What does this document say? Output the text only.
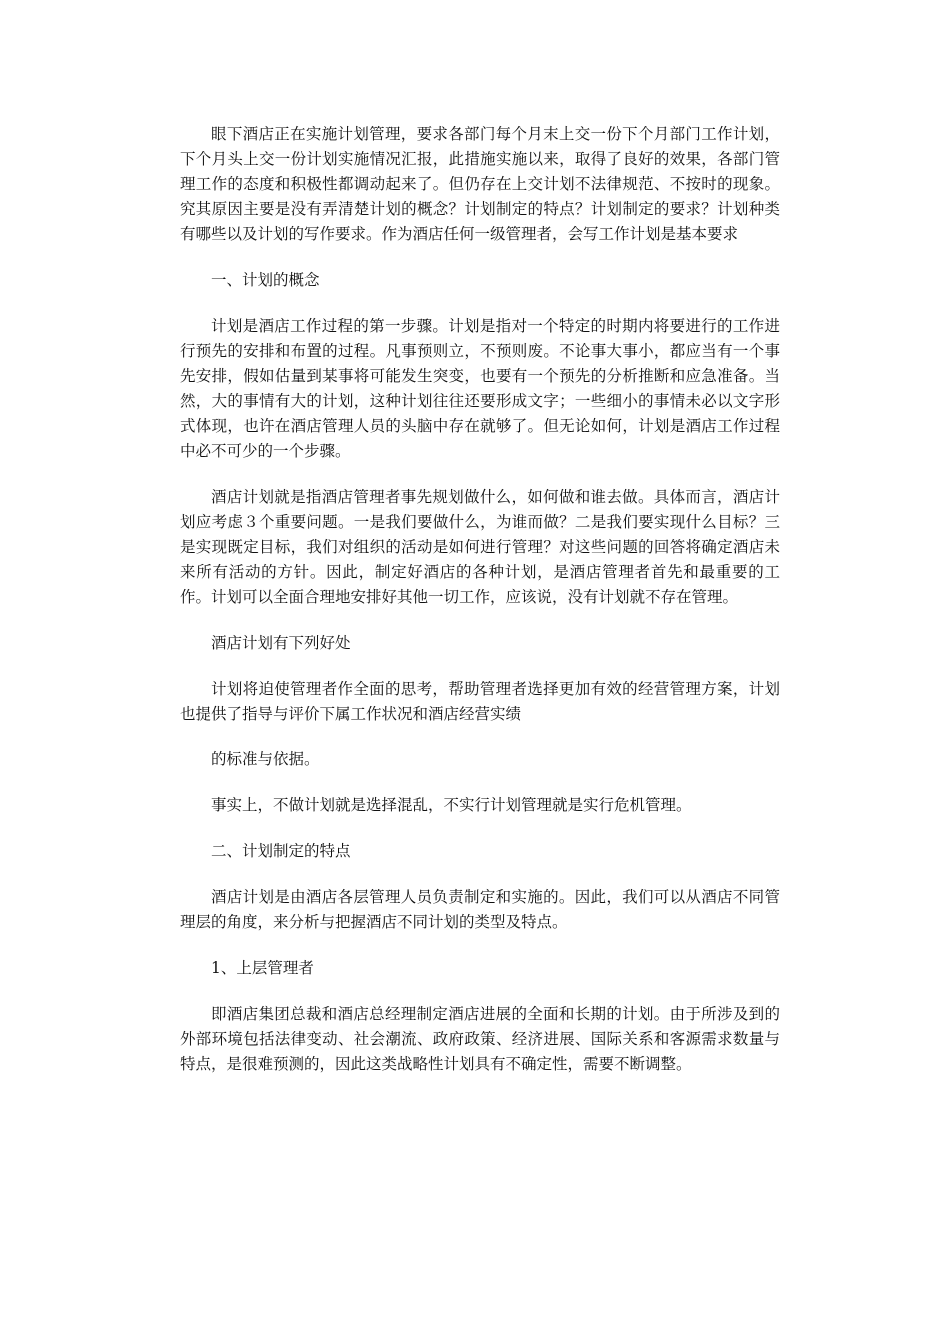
眼下酒店正在实施计划管理，要求各部门每个月末上交一份下个月部门工作计划，下个月头上交一份计划实施情况汇报，此措施实施以来，取得了良好的效果，各部门管理工作的态度和积极性都调动起来了。但仍存在上交计划不法律规范、不按时的现象。究其原因主要是没有弄清楚计划的概念？计划制定的特点？计划制定的要求？计划种类有哪些以及计划的写作要求。作为酒店任何一级管理者，会写工作计划是基本要求

一、计划的概念

计划是酒店工作过程的第一步骤。计划是指对一个特定的时期内将要进行的工作进行预先的安排和布置的过程。凡事预则立，不预则废。不论事大事小，都应当有一个事先安排，假如估量到某事将可能发生突变，也要有一个预先的分析推断和应急准备。当然，大的事情有大的计划，这种计划往往还要形成文字；一些细小的事情未必以文字形式体现，也许在酒店管理人员的头脑中存在就够了。但无论如何，计划是酒店工作过程中必不可少的一个步骤。

酒店计划就是指酒店管理者事先规划做什么，如何做和谁去做。具体而言，酒店计划应考虑３个重要问题。一是我们要做什么，为谁而做？二是我们要实现什么目标？三是实现既定目标，我们对组织的活动是如何进行管理？对这些问题的回答将确定酒店未来所有活动的方针。因此，制定好酒店的各种计划，是酒店管理者首先和最重要的工作。计划可以全面合理地安排好其他一切工作，应该说，没有计划就不存在管理。

酒店计划有下列好处

计划将迫使管理者作全面的思考，帮助管理者选择更加有效的经营管理方案，计划也提供了指导与评价下属工作状况和酒店经营实绩

的标准与依据。

事实上，不做计划就是选择混乱，不实行计划管理就是实行危机管理。

二、计划制定的特点

酒店计划是由酒店各层管理人员负责制定和实施的。因此，我们可以从酒店不同管理层的角度，来分析与把握酒店不同计划的类型及特点。

1、上层管理者

即酒店集团总裁和酒店总经理制定酒店进展的全面和长期的计划。由于所涉及到的外部环境包括法律变动、社会潮流、政府政策、经济进展、国际关系和客源需求数量与特点，是很难预测的，因此这类战略性计划具有不确定性，需要不断调整。
